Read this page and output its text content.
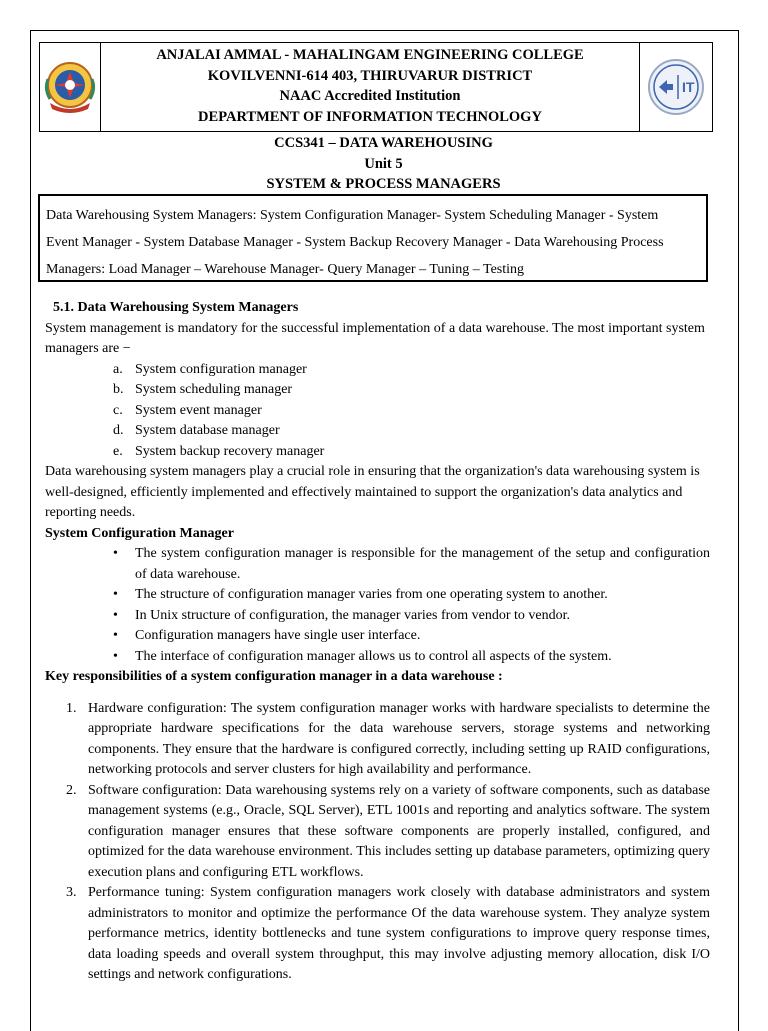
ANJALAI AMMAL - MAHALINGAM ENGINEERING COLLEGE
KOVILVENNI-614 403, THIRUVARUR DISTRICT
NAAC Accredited Institution
DEPARTMENT OF INFORMATION TECHNOLOGY
IT
CCS341 – DATA WAREHOUSING
Unit 5
SYSTEM & PROCESS MANAGERS
Data Warehousing System Managers: System Configuration Manager- System Scheduling Manager - System
Event Manager - System Database Manager - System Backup Recovery Manager - Data Warehousing Process
Managers: Load Manager – Warehouse Manager- Query Manager – Tuning – Testing

5.1. Data Warehousing System Managers

System management is mandatory for the successful implementation of a data warehouse. The most important system managers are −

a. System configuration manager
b. System scheduling manager
c. System event manager
d. System database manager
e. System backup recovery manager

Data warehousing system managers play a crucial role in ensuring that the organization's data warehousing system is well-designed, efficiently implemented and effectively maintained to support the organization's data analytics and reporting needs.

System Configuration Manager

• The system configuration manager is responsible for the management of the setup and configuration of data warehouse.
• The structure of configuration manager varies from one operating system to another.
• In Unix structure of configuration, the manager varies from vendor to vendor.
• Configuration managers have single user interface.
• The interface of configuration manager allows us to control all aspects of the system.

Key responsibilities of a system configuration manager in a data warehouse :

1. Hardware configuration: The system configuration manager works with hardware specialists to determine the appropriate hardware specifications for the data warehouse servers, storage systems and networking components. They ensure that the hardware is configured correctly, including setting up RAID configurations, networking protocols and server clusters for high availability and performance.
2. Software configuration: Data warehousing systems rely on a variety of software components, such as database management systems (e.g., Oracle, SQL Server), ETL 1001s and reporting and analytics software. The system configuration manager ensures that these software components are properly installed, configured, and optimized for the data warehouse environment. This includes setting up database parameters, optimizing query execution plans and configuring ETL workflows.
3. Performance tuning: System configuration managers work closely with database administrators and system administrators to monitor and optimize the performance Of the data warehouse system. They analyze system performance metrics, identity bottlenecks and tune system configurations to improve query response times, data loading speeds and overall system throughput, this may involve adjusting memory allocation, disk I/O settings and network configurations.
